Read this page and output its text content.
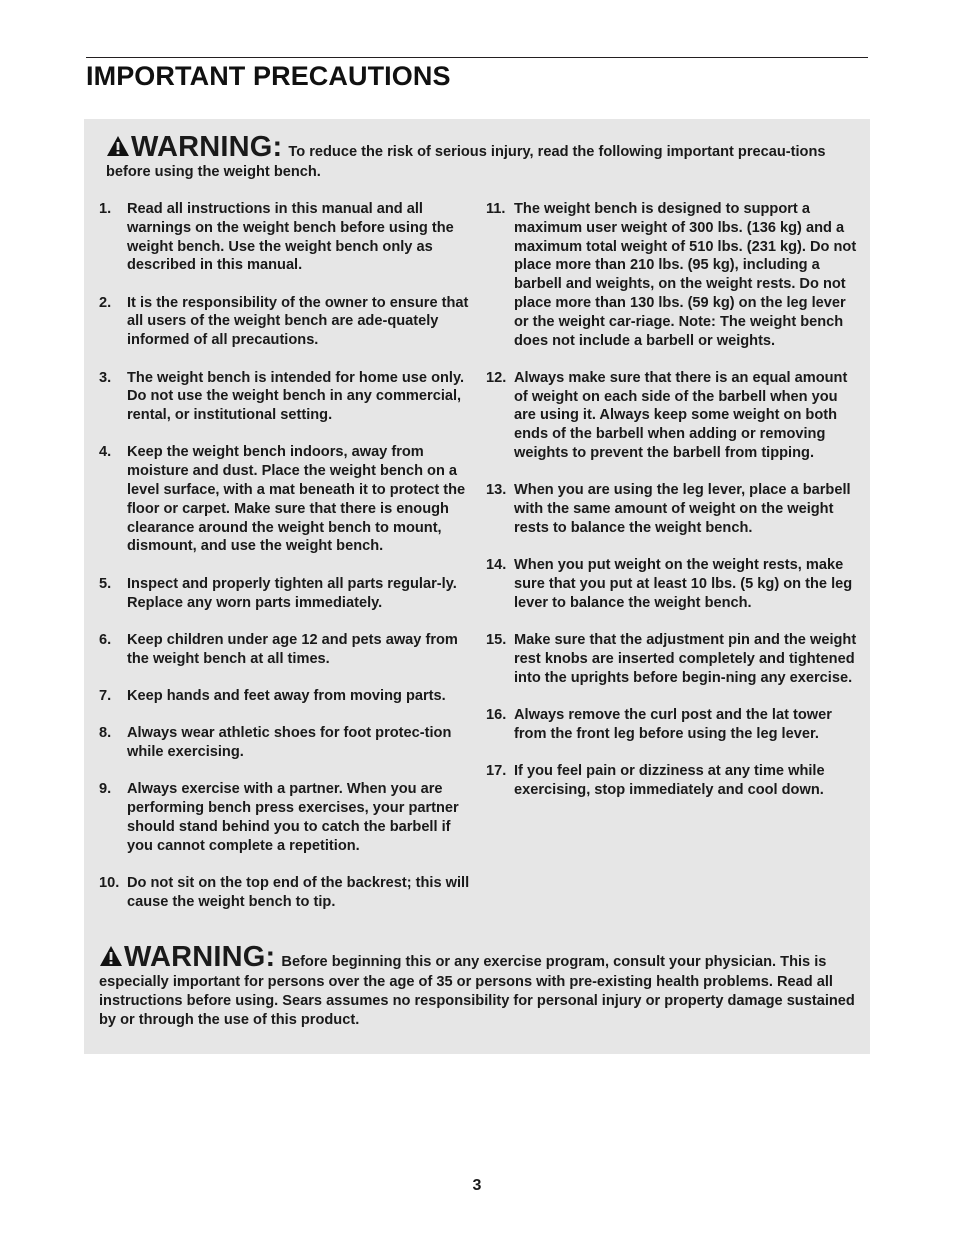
IMPORTANT PRECAUTIONS
WARNING: To reduce the risk of serious injury, read the following important precau-tions before using the weight bench.
1. Read all instructions in this manual and all warnings on the weight bench before using the weight bench. Use the weight bench only as described in this manual.
2. It is the responsibility of the owner to ensure that all users of the weight bench are ade-quately informed of all precautions.
3. The weight bench is intended for home use only. Do not use the weight bench in any commercial, rental, or institutional setting.
4. Keep the weight bench indoors, away from moisture and dust. Place the weight bench on a level surface, with a mat beneath it to protect the floor or carpet. Make sure that there is enough clearance around the weight bench to mount, dismount, and use the weight bench.
5. Inspect and properly tighten all parts regular-ly. Replace any worn parts immediately.
6. Keep children under age 12 and pets away from the weight bench at all times.
7. Keep hands and feet away from moving parts.
8. Always wear athletic shoes for foot protec-tion while exercising.
9. Always exercise with a partner. When you are performing bench press exercises, your partner should stand behind you to catch the barbell if you cannot complete a repetition.
10. Do not sit on the top end of the backrest; this will cause the weight bench to tip.
11. The weight bench is designed to support a maximum user weight of 300 lbs. (136 kg) and a maximum total weight of 510 lbs. (231 kg). Do not place more than 210 lbs. (95 kg), including a barbell and weights, on the weight rests. Do not place more than 130 lbs. (59 kg) on the leg lever or the weight car-riage. Note: The weight bench does not include a barbell or weights.
12. Always make sure that there is an equal amount of weight on each side of the barbell when you are using it. Always keep some weight on both ends of the barbell when adding or removing weights to prevent the barbell from tipping.
13. When you are using the leg lever, place a barbell with the same amount of weight on the weight rests to balance the weight bench.
14. When you put weight on the weight rests, make sure that you put at least 10 lbs. (5 kg) on the leg lever to balance the weight bench.
15. Make sure that the adjustment pin and the weight rest knobs are inserted completely and tightened into the uprights before begin-ning any exercise.
16. Always remove the curl post and the lat tower from the front leg before using the leg lever.
17. If you feel pain or dizziness at any time while exercising, stop immediately and cool down.
WARNING: Before beginning this or any exercise program, consult your physician. This is especially important for persons over the age of 35 or persons with pre-existing health problems. Read all instructions before using. Sears assumes no responsibility for personal injury or property damage sustained by or through the use of this product.
3
